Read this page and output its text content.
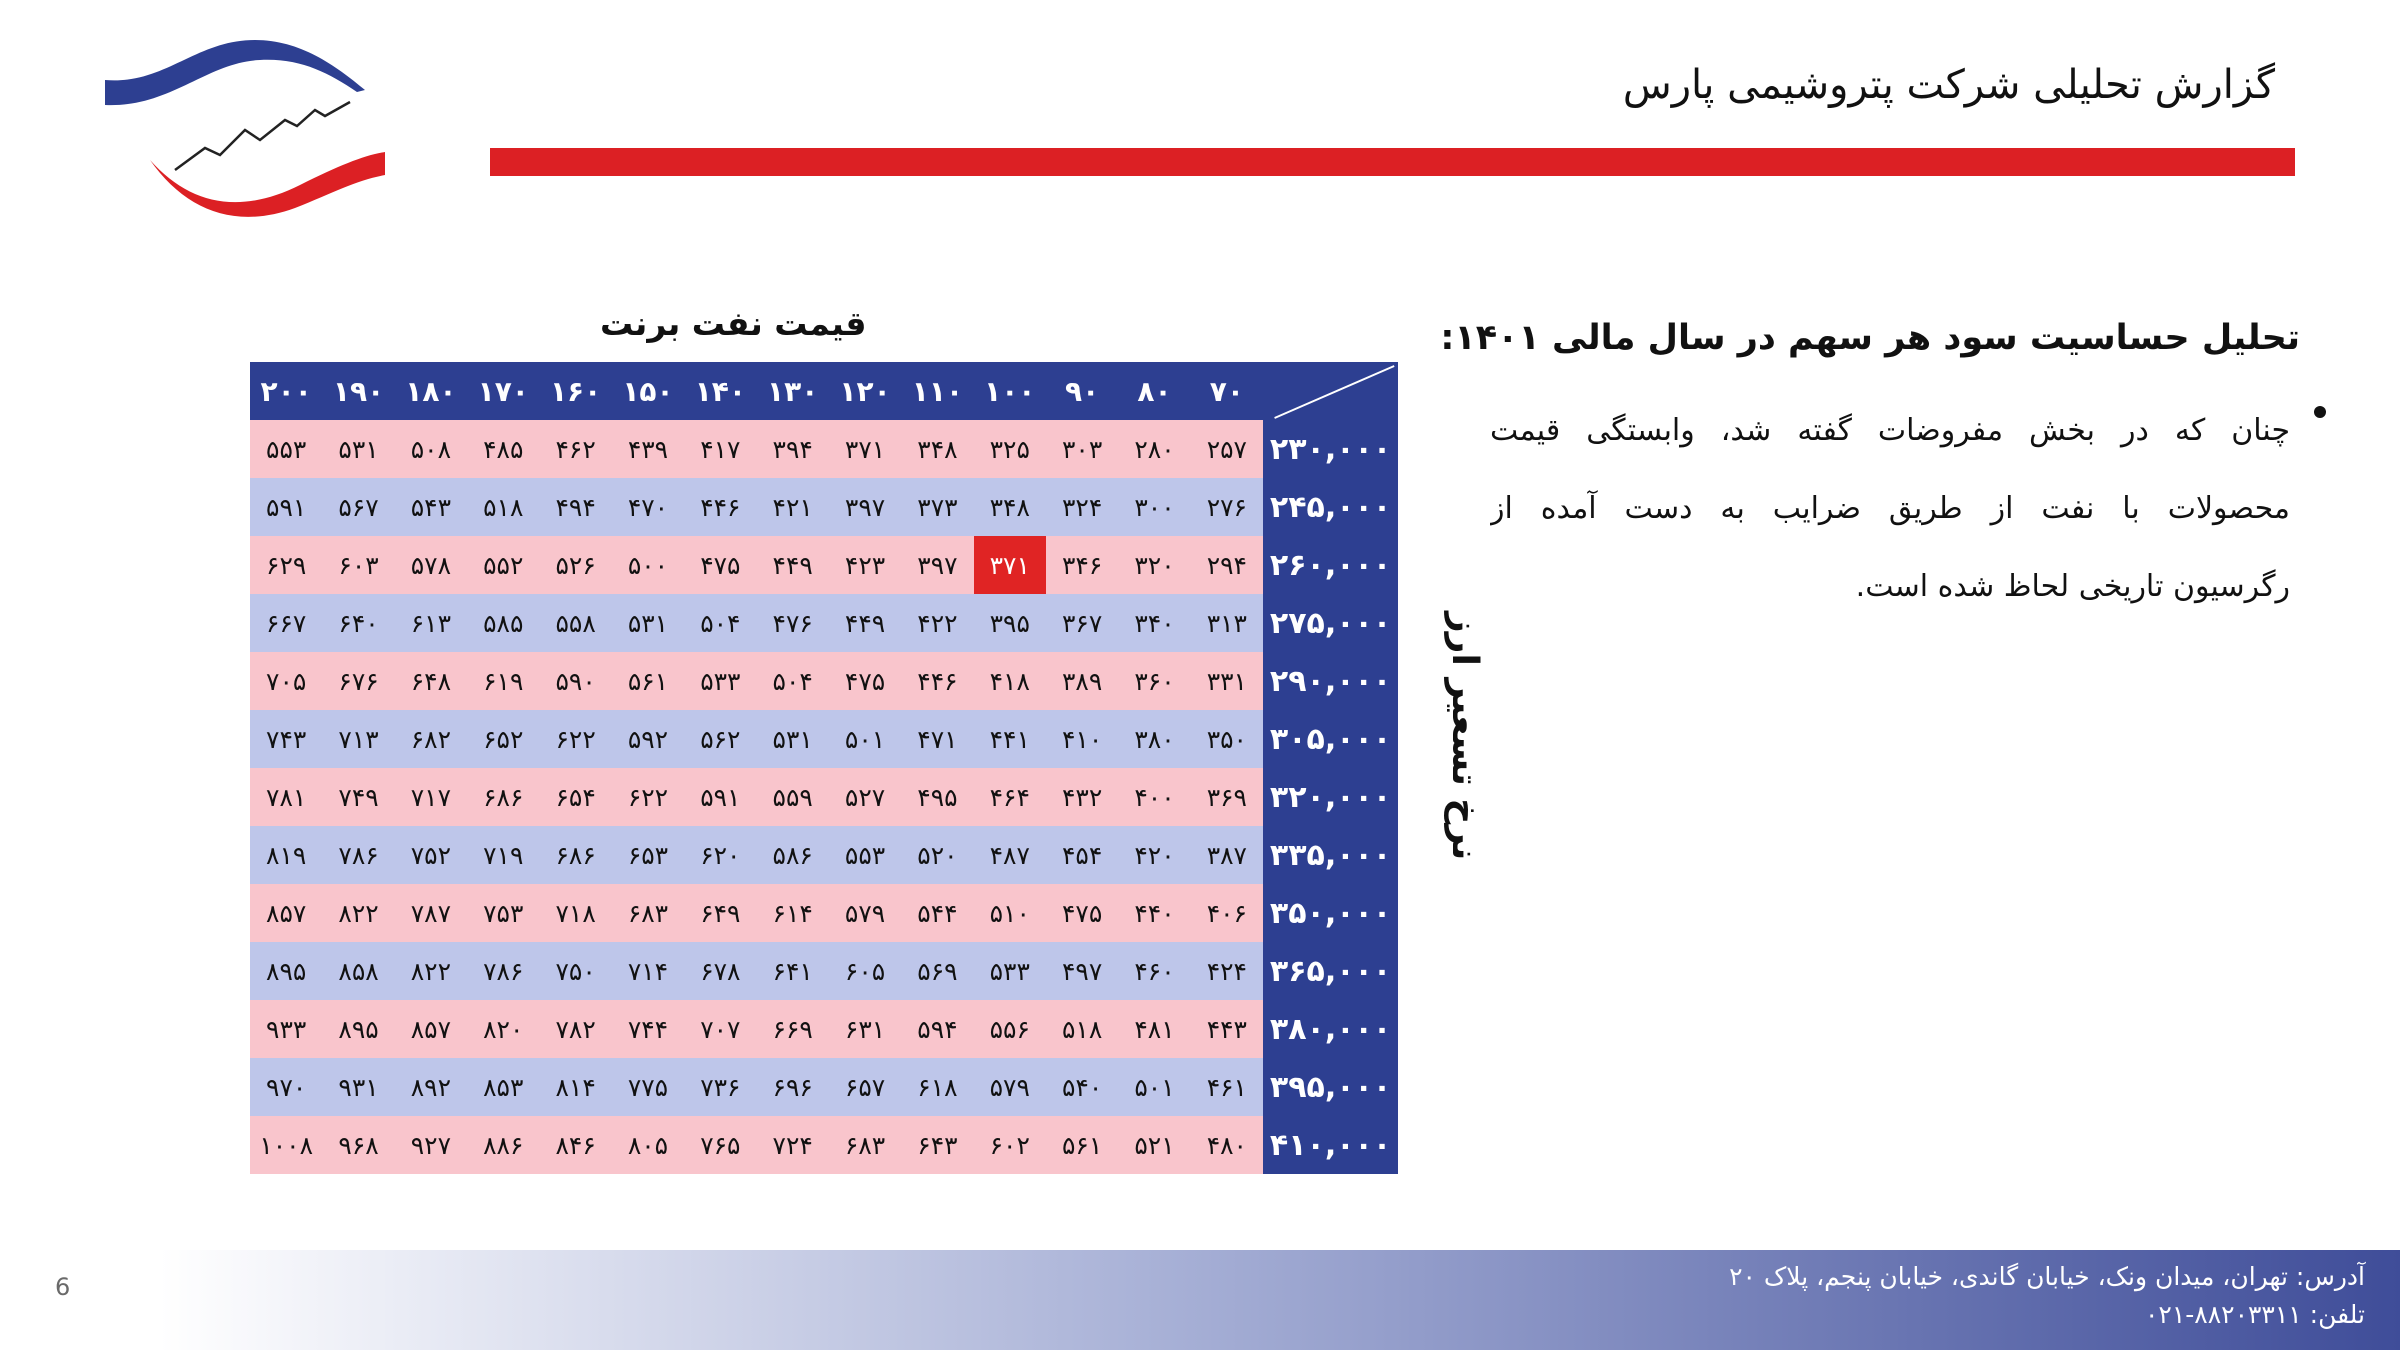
گزارش تحلیلی شرکت پتروشیمی پارس
تحلیل حساسیت سود هر سهم در سال مالی ۱۴۰۱:
چنان که در بخش مفروضات گفته شد، وابستگی قیمت
محصولات با نفت از طریق ضرایب به دست آمده از
رگرسیون تاریخی لحاظ شده است.
قیمت نفت برنت
نرخ تسعیر ارز
۲۰۰ ۱۹۰ ۱۸۰ ۱۷۰ ۱۶۰ ۱۵۰ ۱۴۰ ۱۳۰ ۱۲۰ ۱۱۰ ۱۰۰	۹۰	۸۰	۷۰
۵۵۳	۵۳۱	۵۰۸	۴۸۵	۴۶۲	۴۳۹	۴۱۷	۳۹۴	۳۷۱	۳۴۸	۳۲۵	۳۰۳	۲۸۰	۲۵۷ ۲۳۰,۰۰۰
۵۹۱	۵۶۷	۵۴۳	۵۱۸	۴۹۴	۴۷۰	۴۴۶	۴۲۱	۳۹۷	۳۷۳	۳۴۸	۳۲۴	۳۰۰	۲۷۶ ۲۴۵,۰۰۰
۶۲۹	۶۰۳	۵۷۸	۵۵۲	۵۲۶	۵۰۰	۴۷۵	۴۴۹	۴۲۳	۳۹۷	۳۷۱	۳۴۶	۳۲۰	۲۹۴ ۲۶۰,۰۰۰
۶۶۷	۶۴۰	۶۱۳	۵۸۵	۵۵۸	۵۳۱	۵۰۴	۴۷۶	۴۴۹	۴۲۲	۳۹۵	۳۶۷	۳۴۰	۳۱۳ ۲۷۵,۰۰۰
۷۰۵	۶۷۶	۶۴۸	۶۱۹	۵۹۰	۵۶۱	۵۳۳	۵۰۴	۴۷۵	۴۴۶	۴۱۸	۳۸۹	۳۶۰	۳۳۱ ۲۹۰,۰۰۰
۷۴۳	۷۱۳	۶۸۲	۶۵۲	۶۲۲	۵۹۲	۵۶۲	۵۳۱	۵۰۱	۴۷۱	۴۴۱	۴۱۰	۳۸۰	۳۵۰ ۳۰۵,۰۰۰
۷۸۱	۷۴۹	۷۱۷	۶۸۶	۶۵۴	۶۲۲	۵۹۱	۵۵۹	۵۲۷	۴۹۵	۴۶۴	۴۳۲	۴۰۰	۳۶۹ ۳۲۰,۰۰۰
۸۱۹	۷۸۶	۷۵۲	۷۱۹	۶۸۶	۶۵۳	۶۲۰	۵۸۶	۵۵۳	۵۲۰	۴۸۷	۴۵۴	۴۲۰	۳۸۷ ۳۳۵,۰۰۰
۸۵۷	۸۲۲	۷۸۷	۷۵۳	۷۱۸	۶۸۳	۶۴۹	۶۱۴	۵۷۹	۵۴۴	۵۱۰	۴۷۵	۴۴۰	۴۰۶ ۳۵۰,۰۰۰
۸۹۵	۸۵۸	۸۲۲	۷۸۶	۷۵۰	۷۱۴	۶۷۸	۶۴۱	۶۰۵	۵۶۹	۵۳۳	۴۹۷	۴۶۰	۴۲۴ ۳۶۵,۰۰۰
۹۳۳	۸۹۵	۸۵۷	۸۲۰	۷۸۲	۷۴۴	۷۰۷	۶۶۹	۶۳۱	۵۹۴	۵۵۶	۵۱۸	۴۸۱	۴۴۳ ۳۸۰,۰۰۰
۹۷۰	۹۳۱	۸۹۲	۸۵۳	۸۱۴	۷۷۵	۷۳۶	۶۹۶	۶۵۷	۶۱۸	۵۷۹	۵۴۰	۵۰۱	۴۶۱ ۳۹۵,۰۰۰
۱۰۰۸	۹۶۸	۹۲۷	۸۸۶	۸۴۶	۸۰۵	۷۶۵	۷۲۴	۶۸۳	۶۴۳	۶۰۲	۵۶۱	۵۲۱	۴۸۰ ۴۱۰,۰۰۰
آدرس: تهران، میدان ونک، خیابان گاندی، خیابان پنجم، پلاک ۲۰
تلفن: ۸۸۲۰۳۳۱۱-۰۲۱
6
